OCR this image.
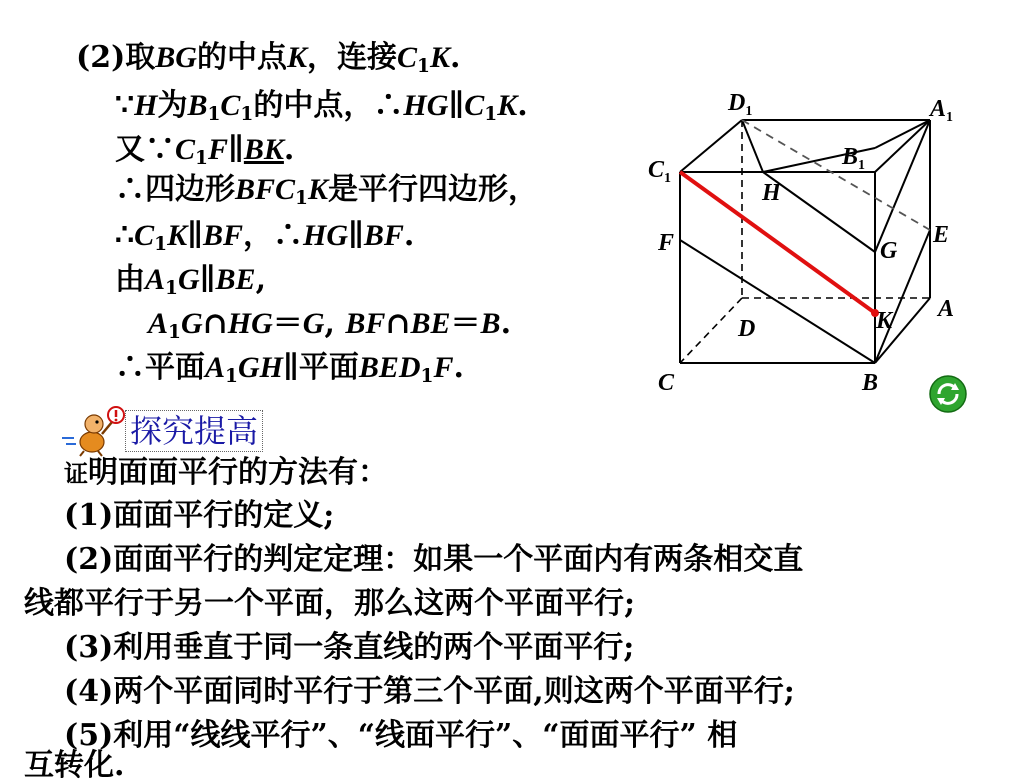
(2)取BG的中点K，连接$C_1K$.
∵H为$B_1C_1$的中点，$\therefore HG\parallel C_1K$.
又$\because C_1F\parallel BK$.
∴四边形$BFC_1K$是平行四边形，
$\therefore C_1K\parallel BF$，∴HG∥BF.
由$A_1G\parallel BE$,
$A_1G\cap HG=G$, BF∩BE＝B.
∴平面$A_1GH\parallel$平面$BED_1F$.
$D_1$	$A_1$
$B_1$
$C_1$
H
F	G
E
A
K
D
C	B
探究提高
证明面面平行的方法有：
(1)面面平行的定义;
(2)面面平行的判定定理：如果一个平面内有两条相交直
线都平行于另一个平面，那么这两个平面平行;
(3)利用垂直于同一条直线的两个平面平行;
(4)两个平面同时平行于第三个平面,则这两个平面平行;
(5)利用“线线平行”、“线面平行”、“面面平行” 相
互转化.
